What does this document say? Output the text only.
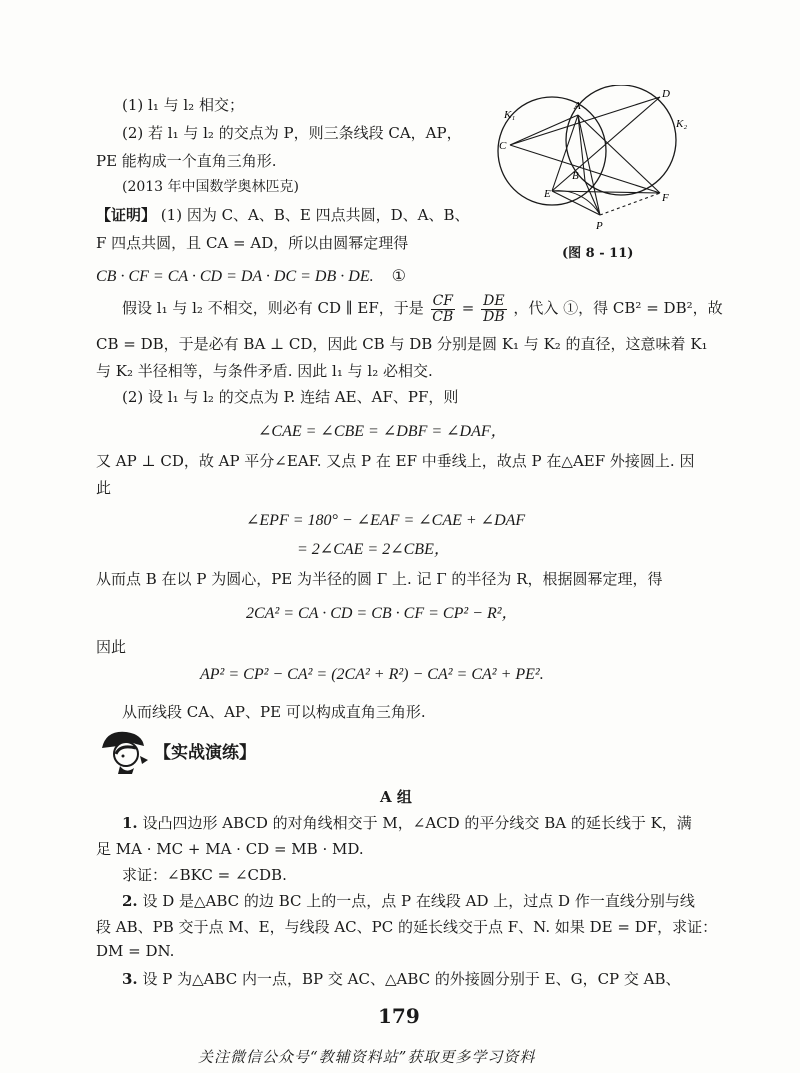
(1) l₁ 与 l₂ 相交；
(2) 若 l₁ 与 l₂ 的交点为 P，则三条线段 CA，AP，
PE 能构成一个直角三角形.
(2013 年中国数学奥林匹克)
K₁
K₂
A
B
C
D
E	F
P
(图 8 - 11)
【证明】 (1) 因为 C、A、B、E 四点共圆，D、A、B、
F 四点共圆，且 CA = AD，所以由圆幂定理得
CB · CF = CA · CD = DA · DC = DB · DE. ①
假设 l₁ 与 l₂ 不相交，则必有 CD ∥ EF，于是 $\frac{CF}{CB} = \frac{DE}{DB}$ ，代入 ①，得 CB² = DB²，故
CB = DB，于是必有 BA ⊥ CD，因此 CB 与 DB 分别是圆 K₁ 与 K₂ 的直径，这意味着 K₁
与 K₂ 半径相等，与条件矛盾. 因此 l₁ 与 l₂ 必相交.
(2) 设 l₁ 与 l₂ 的交点为 P. 连结 AE、AF、PF，则
∠CAE = ∠CBE = ∠DBF = ∠DAF，
又 AP ⊥ CD，故 AP 平分∠EAF. 又点 P 在 EF 中垂线上，故点 P 在△AEF 外接圆上. 因
此
∠EPF = 180° − ∠EAF = ∠CAE + ∠DAF
= 2∠CAE = 2∠CBE，
从而点 B 在以 P 为圆心，PE 为半径的圆 Γ 上. 记 Γ 的半径为 R，根据圆幂定理，得
2CA² = CA · CD = CB · CF = CP² − R²，
因此
AP² = CP² − CA² = (2CA² + R²) − CA² = CA² + PE².
从而线段 CA、AP、PE 可以构成直角三角形.
【实战演练】
A 组
1. 设凸四边形 ABCD 的对角线相交于 M，∠ACD 的平分线交 BA 的延长线于 K，满
足 MA · MC + MA · CD = MB · MD.
求证：∠BKC = ∠CDB.
2. 设 D 是△ABC 的边 BC 上的一点，点 P 在线段 AD 上，过点 D 作一直线分别与线
段 AB、PB 交于点 M、E，与线段 AC、PC 的延长线交于点 F、N. 如果 DE = DF，求证：
DM = DN.
3. 设 P 为△ABC 内一点，BP 交 AC、△ABC 的外接圆分别于 E、G，CP 交 AB、
179
关注微信公众号“教辅资料站”获取更多学习资料
